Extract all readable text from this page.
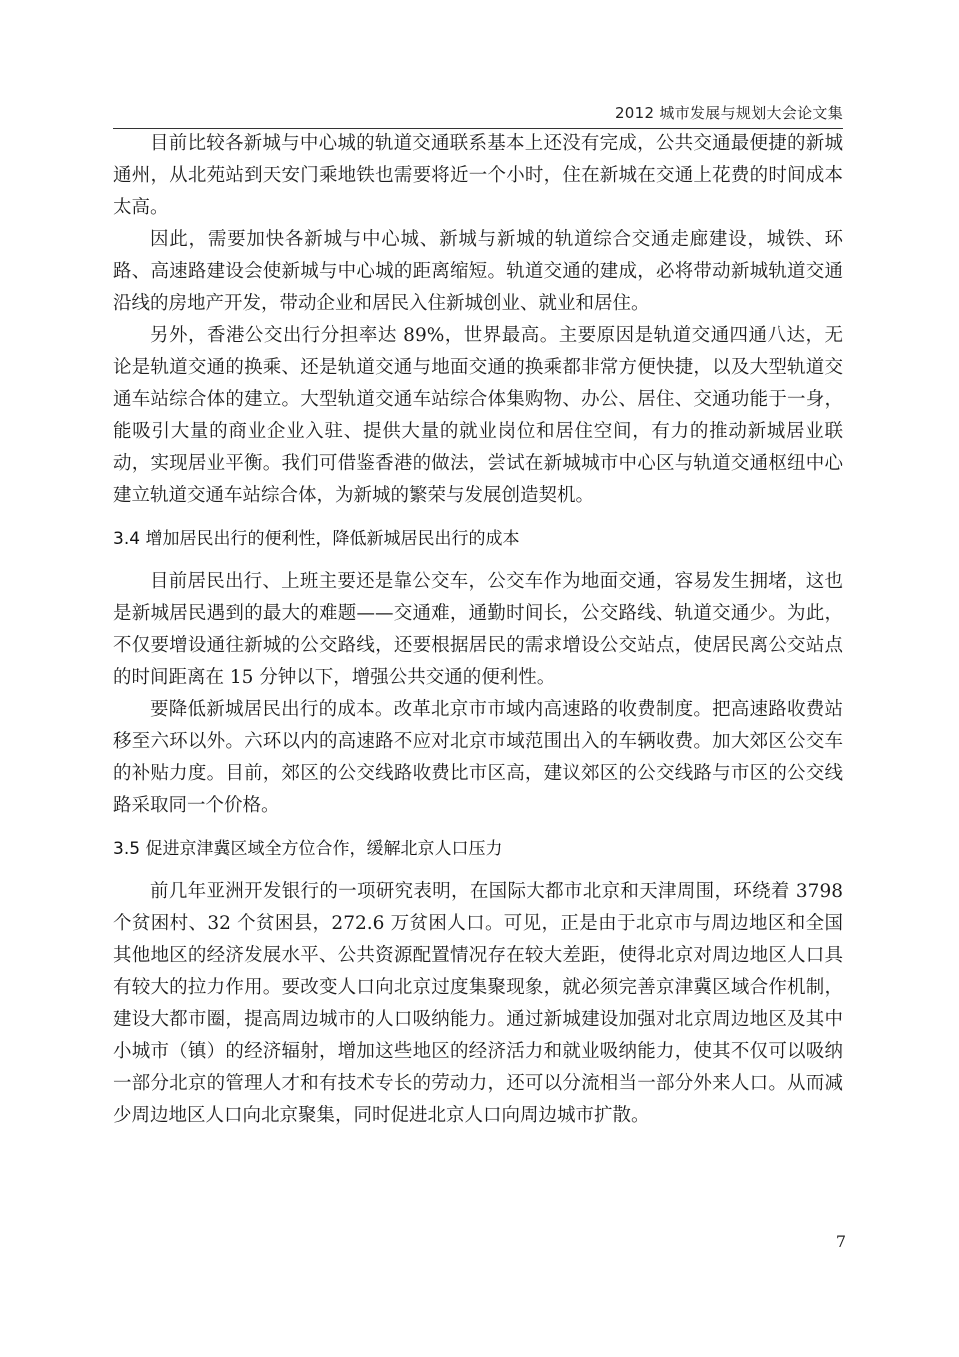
2012 城市发展与规划大会论文集

目前比较各新城与中心城的轨道交通联系基本上还没有完成，公共交通最便捷的新城通州，从北苑站到天安门乘地铁也需要将近一个小时，住在新城在交通上花费的时间成本太高。

因此，需要加快各新城与中心城、新城与新城的轨道综合交通走廊建设，城铁、环路、高速路建设会使新城与中心城的距离缩短。轨道交通的建成，必将带动新城轨道交通沿线的房地产开发，带动企业和居民入住新城创业、就业和居住。

另外，香港公交出行分担率达 89%，世界最高。主要原因是轨道交通四通八达，无论是轨道交通的换乘、还是轨道交通与地面交通的换乘都非常方便快捷，以及大型轨道交通车站综合体的建立。大型轨道交通车站综合体集购物、办公、居住、交通功能于一身，能吸引大量的商业企业入驻、提供大量的就业岗位和居住空间，有力的推动新城居业联动，实现居业平衡。我们可借鉴香港的做法，尝试在新城城市中心区与轨道交通枢纽中心建立轨道交通车站综合体，为新城的繁荣与发展创造契机。

3.4 增加居民出行的便利性，降低新城居民出行的成本

目前居民出行、上班主要还是靠公交车，公交车作为地面交通，容易发生拥堵，这也是新城居民遇到的最大的难题——交通难，通勤时间长，公交路线、轨道交通少。为此，不仅要增设通往新城的公交路线，还要根据居民的需求增设公交站点，使居民离公交站点的时间距离在 15 分钟以下，增强公共交通的便利性。

要降低新城居民出行的成本。改革北京市市域内高速路的收费制度。把高速路收费站移至六环以外。六环以内的高速路不应对北京市域范围出入的车辆收费。加大郊区公交车的补贴力度。目前，郊区的公交线路收费比市区高，建议郊区的公交线路与市区的公交线路采取同一个价格。

3.5 促进京津冀区域全方位合作，缓解北京人口压力

前几年亚洲开发银行的一项研究表明，在国际大都市北京和天津周围，环绕着 3798 个贫困村、32 个贫困县，272.6 万贫困人口。可见，正是由于北京市与周边地区和全国其他地区的经济发展水平、公共资源配置情况存在较大差距，使得北京对周边地区人口具有较大的拉力作用。要改变人口向北京过度集聚现象，就必须完善京津冀区域合作机制，建设大都市圈，提高周边城市的人口吸纳能力。通过新城建设加强对北京周边地区及其中小城市（镇）的经济辐射，增加这些地区的经济活力和就业吸纳能力，使其不仅可以吸纳一部分北京的管理人才和有技术专长的劳动力，还可以分流相当一部分外来人口。从而减少周边地区人口向北京聚集，同时促进北京人口向周边城市扩散。

7
